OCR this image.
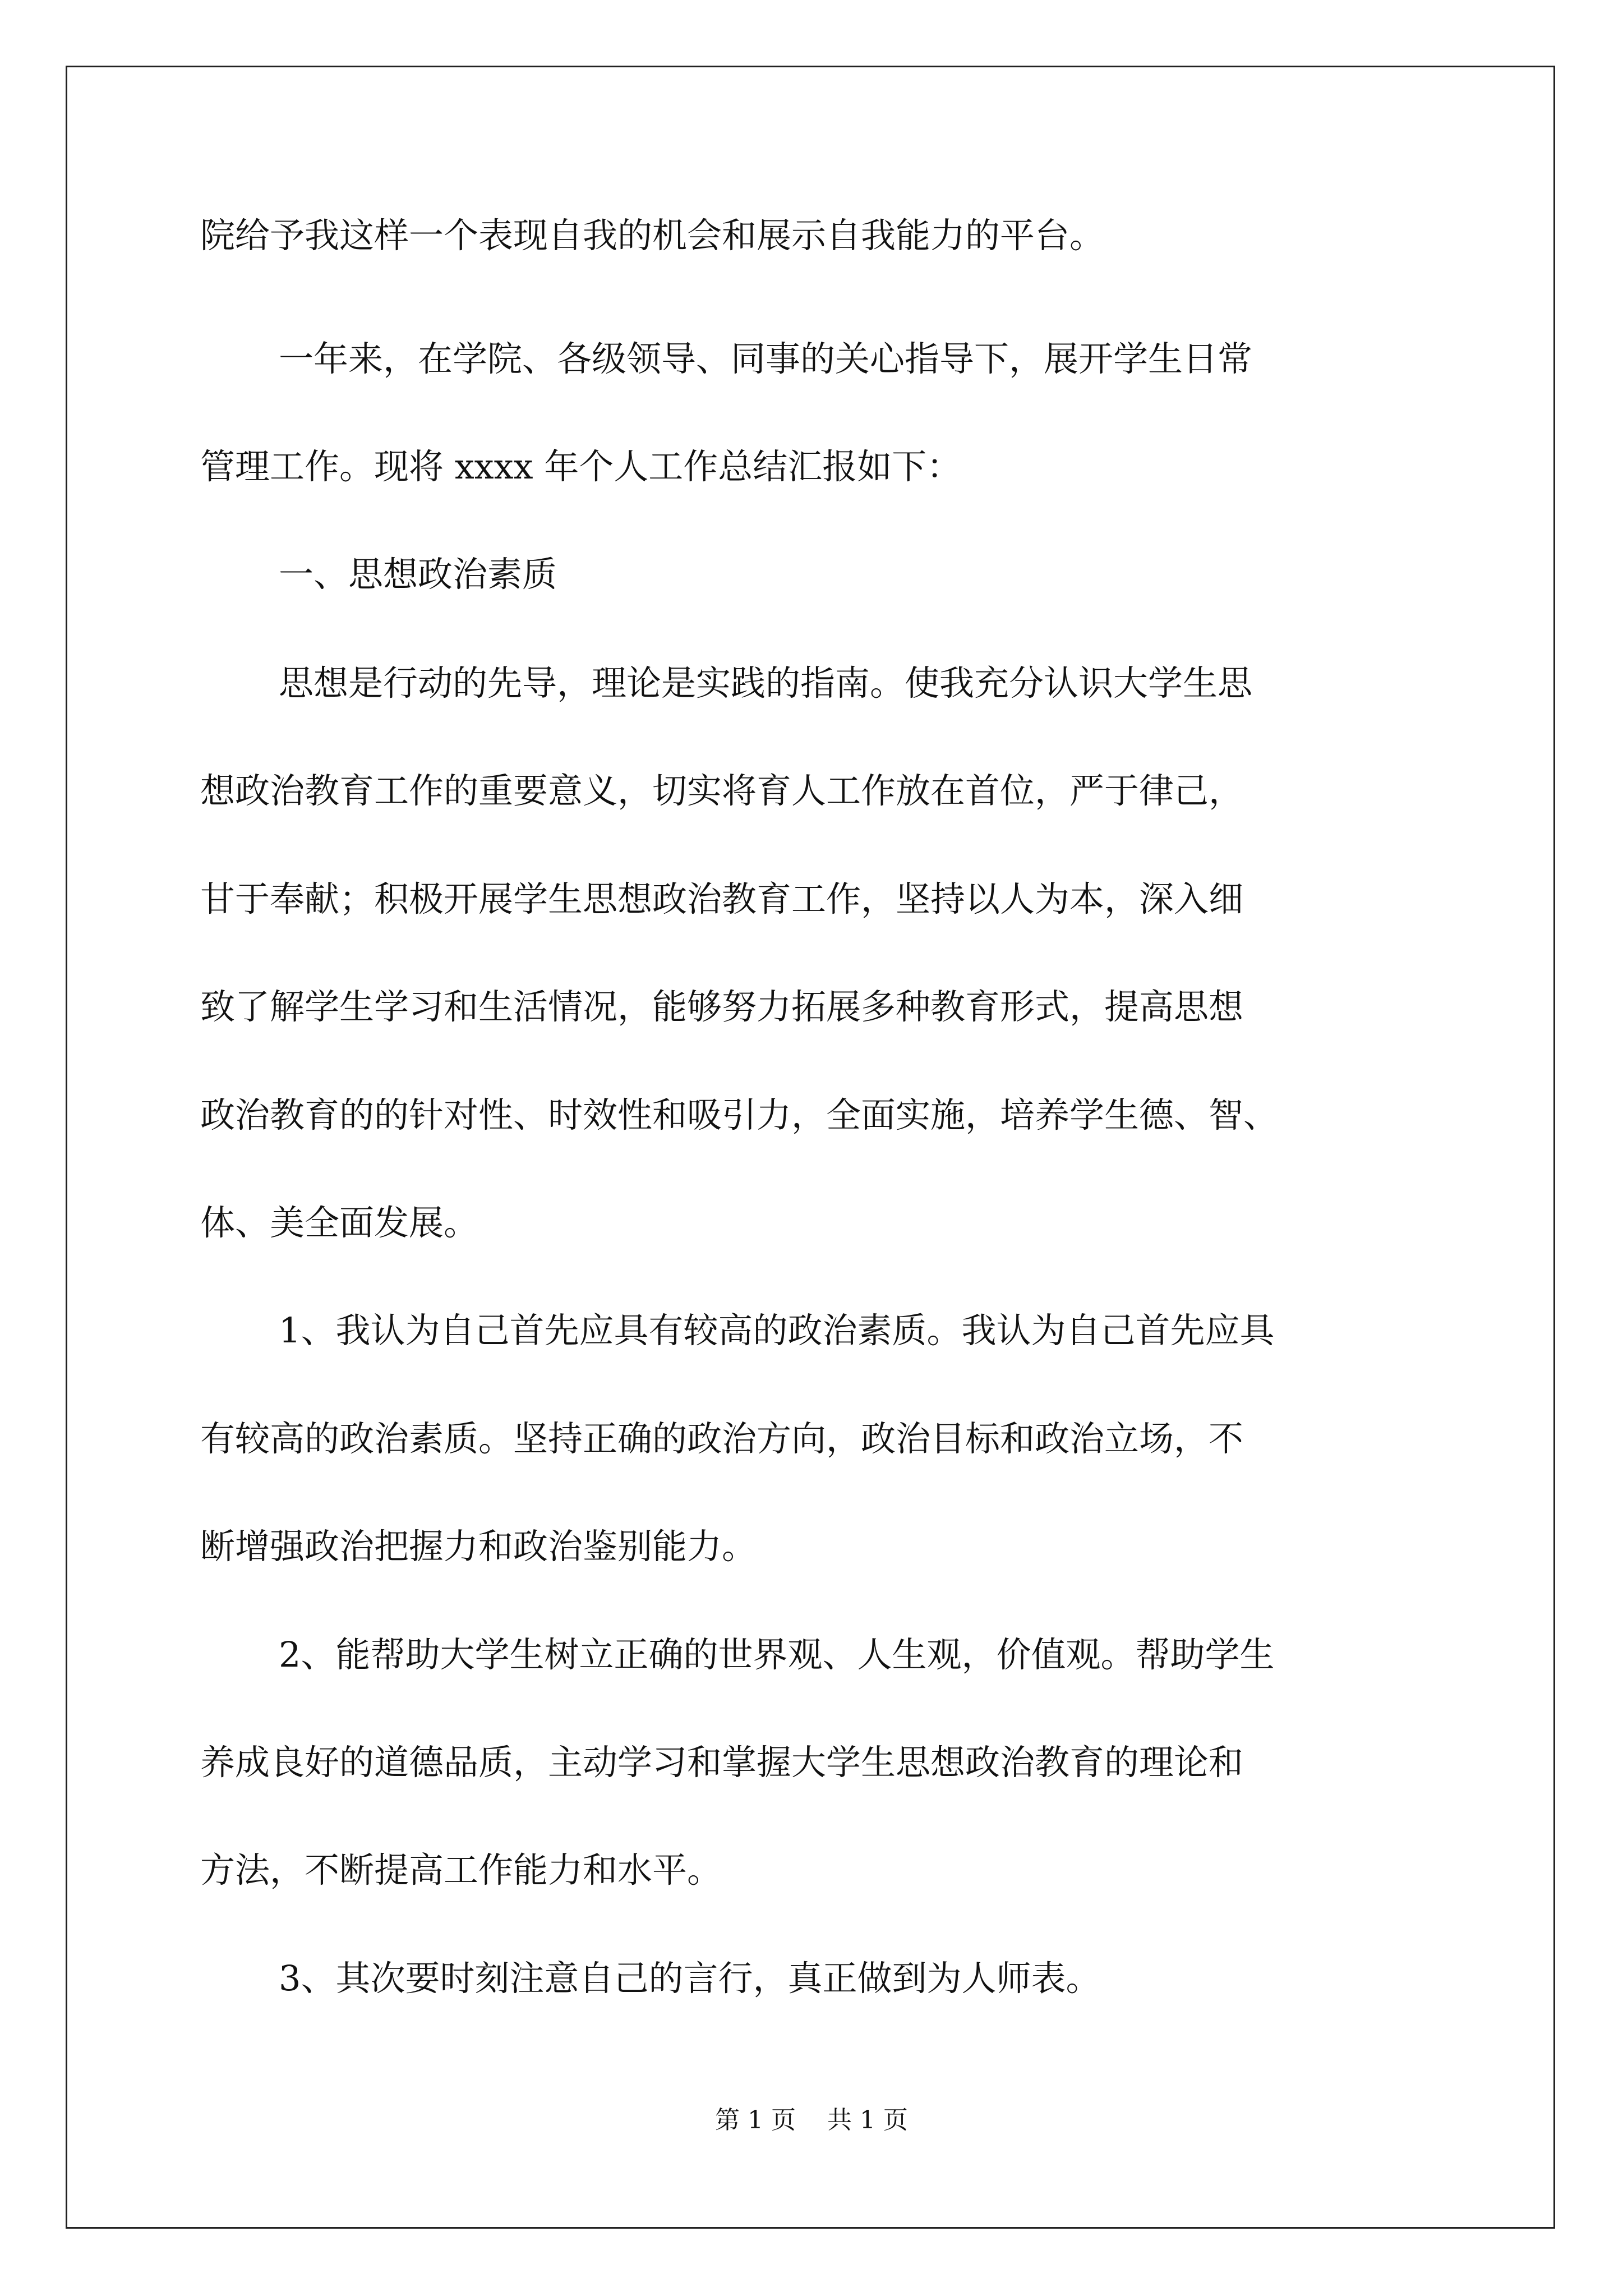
院给予我这样一个表现自我的机会和展示自我能力的平台。
一年来，在学院、各级领导、同事的关心指导下，展开学生日常
管理工作。现将 xxxx 年个人工作总结汇报如下：
一、思想政治素质
思想是行动的先导，理论是实践的指南。使我充分认识大学生思
想政治教育工作的重要意义，切实将育人工作放在首位，严于律己，
甘于奉献；积极开展学生思想政治教育工作，坚持以人为本，深入细
致了解学生学习和生活情况，能够努力拓展多种教育形式，提高思想
政治教育的的针对性、时效性和吸引力，全面实施，培养学生德、智、
体、美全面发展。
1、我认为自己首先应具有较高的政治素质。我认为自己首先应具
有较高的政治素质。坚持正确的政治方向，政治目标和政治立场，不
断增强政治把握力和政治鉴别能力。
2、能帮助大学生树立正确的世界观、人生观，价值观。帮助学生
养成良好的道德品质，主动学习和掌握大学生思想政治教育的理论和
方法，不断提高工作能力和水平。
3、其次要时刻注意自己的言行，真正做到为人师表。
第 1 页    共 1 页
